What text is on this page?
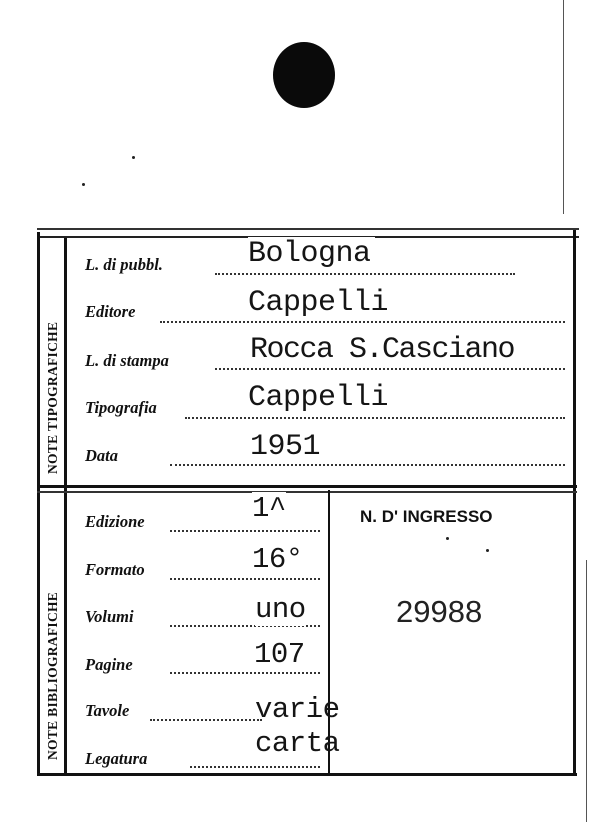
NOTE TIPOGRAFICHE
NOTE BIBLIOGRAFICHE
L. di pubbl.	Bologna
Editore	Cappelli
L. di stampa	Rocca S.Casciano
Tipografia	Cappelli
Data	1951
Edizione	1^
Formato	16°
Volumi	uno
Pagine	107
Tavole	varie
Legatura	carta
N. D' INGRESSO
29988
